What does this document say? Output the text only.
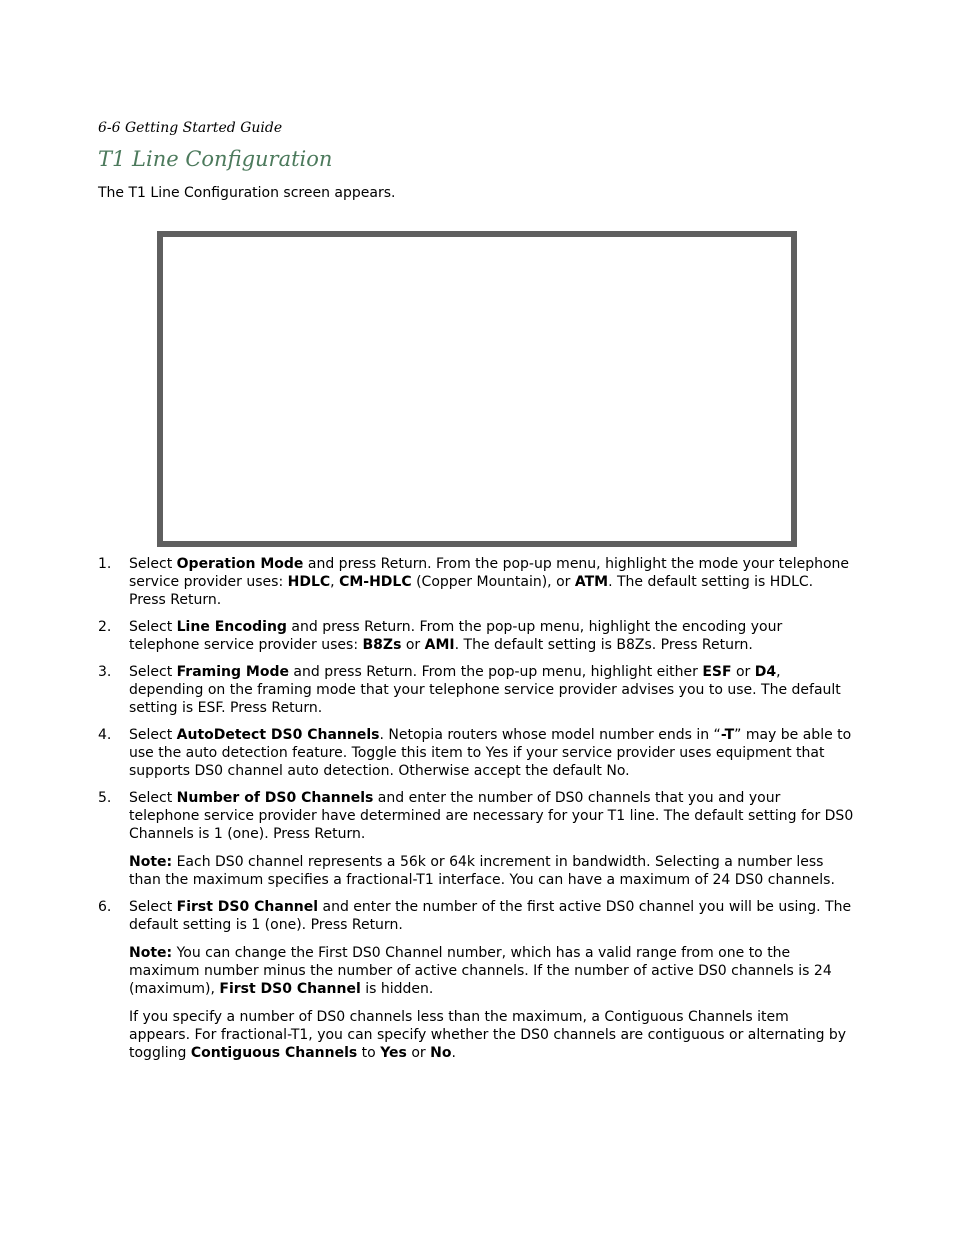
6-6 Getting Started Guide
T1 Line Configuration

The T1 Line Configuration screen appears.

1. Select Operation Mode and press Return. From the pop-up menu, highlight the mode your telephone service provider uses: HDLC, CM-HDLC (Copper Mountain), or ATM. The default setting is HDLC. Press Return.

2. Select Line Encoding and press Return. From the pop-up menu, highlight the encoding your telephone service provider uses: B8Zs or AMI. The default setting is B8Zs. Press Return.

3. Select Framing Mode and press Return. From the pop-up menu, highlight either ESF or D4, depending on the framing mode that your telephone service provider advises you to use. The default setting is ESF. Press Return.

4. Select AutoDetect DS0 Channels. Netopia routers whose model number ends in “-T” may be able to use the auto detection feature. Toggle this item to Yes if your service provider uses equipment that supports DS0 channel auto detection. Otherwise accept the default No.

5. Select Number of DS0 Channels and enter the number of DS0 channels that you and your telephone service provider have determined are necessary for your T1 line. The default setting for DS0 Channels is 1 (one). Press Return.

Note: Each DS0 channel represents a 56k or 64k increment in bandwidth. Selecting a number less than the maximum specifies a fractional-T1 interface. You can have a maximum of 24 DS0 channels.

6. Select First DS0 Channel and enter the number of the first active DS0 channel you will be using. The default setting is 1 (one). Press Return.

Note: You can change the First DS0 Channel number, which has a valid range from one to the maximum number minus the number of active channels. If the number of active DS0 channels is 24 (maximum), First DS0 Channel is hidden.

If you specify a number of DS0 channels less than the maximum, a Contiguous Channels item appears. For fractional-T1, you can specify whether the DS0 channels are contiguous or alternating by toggling Contiguous Channels to Yes or No.
